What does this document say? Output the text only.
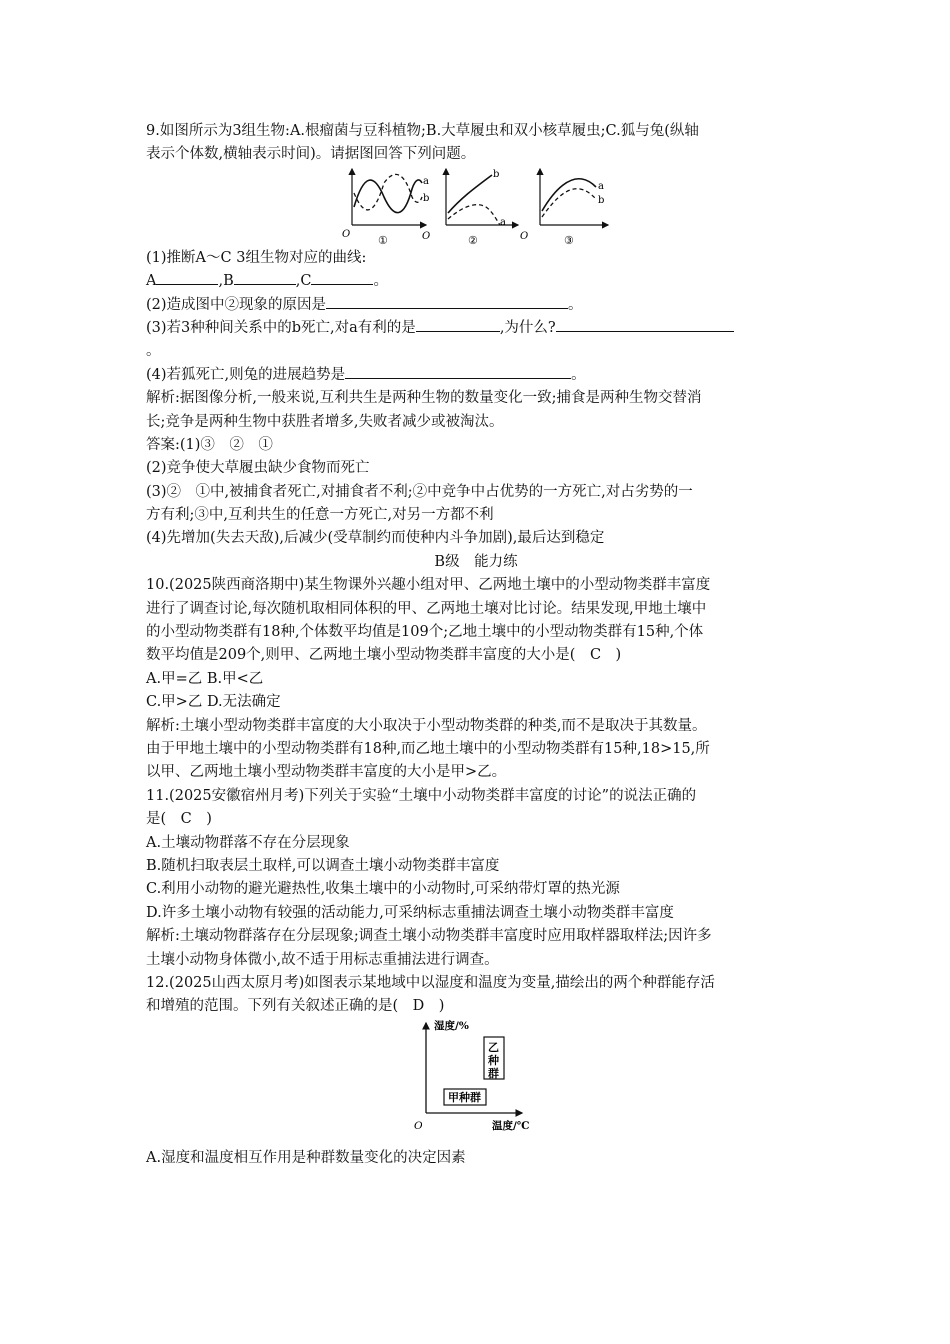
9.如图所示为3组生物:A.根瘤菌与豆科植物;B.大草履虫和双小核草履虫;C.狐与兔(纵轴
表示个体数,横轴表示时间)。请据图回答下列问题。
a
b
O	①
b
a
O	②
a
b
O	③
(1)推断A～C 3组生物对应的曲线:
A	,B	,C	。
(2)造成图中②现象的原因是	。
(3)若3种种间关系中的b死亡,对a有利的是	,为什么?
。
(4)若狐死亡,则兔的进展趋势是	。
解析:据图像分析,一般来说,互利共生是两种生物的数量变化一致;捕食是两种生物交替消
长;竞争是两种生物中获胜者增多,失败者减少或被淘汰。
答案:(1)③　②　①
(2)竞争使大草履虫缺少食物而死亡
(3)②　①中,被捕食者死亡,对捕食者不利;②中竞争中占优势的一方死亡,对占劣势的一
方有利;③中,互利共生的任意一方死亡,对另一方都不利
(4)先增加(失去天敌),后减少(受草制约而使种内斗争加剧),最后达到稳定
B级　能力练
10.(2025陕西商洛期中)某生物课外兴趣小组对甲、乙两地土壤中的小型动物类群丰富度
进行了调查讨论,每次随机取相同体积的甲、乙两地土壤对比讨论。结果发现,甲地土壤中
的小型动物类群有18种,个体数平均值是109个;乙地土壤中的小型动物类群有15种,个体
数平均值是209个,则甲、乙两地土壤小型动物类群丰富度的大小是(　C　)
A.甲=乙 B.甲<乙
C.甲>乙 D.无法确定
解析:土壤小型动物类群丰富度的大小取决于小型动物类群的种类,而不是取决于其数量。
由于甲地土壤中的小型动物类群有18种,而乙地土壤中的小型动物类群有15种,18>15,所
以甲、乙两地土壤小型动物类群丰富度的大小是甲>乙。
11.(2025安徽宿州月考)下列关于实验“土壤中小动物类群丰富度的讨论”的说法正确的
是(　C　)
A.土壤动物群落不存在分层现象
B.随机扫取表层土取样,可以调查土壤小动物类群丰富度
C.利用小动物的避光避热性,收集土壤中的小动物时,可采纳带灯罩的热光源
D.许多土壤小动物有较强的活动能力,可采纳标志重捕法调查土壤小动物类群丰富度
解析:土壤动物群落存在分层现象;调查土壤小动物类群丰富度时应用取样器取样法;因许多
土壤小动物身体微小,故不适于用标志重捕法进行调查。
12.(2025山西太原月考)如图表示某地域中以湿度和温度为变量,描绘出的两个种群能存活
和增殖的范围。下列有关叙述正确的是(　D　)
湿度/%
温度/℃
O
乙
种
群
甲种群
A.湿度和温度相互作用是种群数量变化的决定因素
